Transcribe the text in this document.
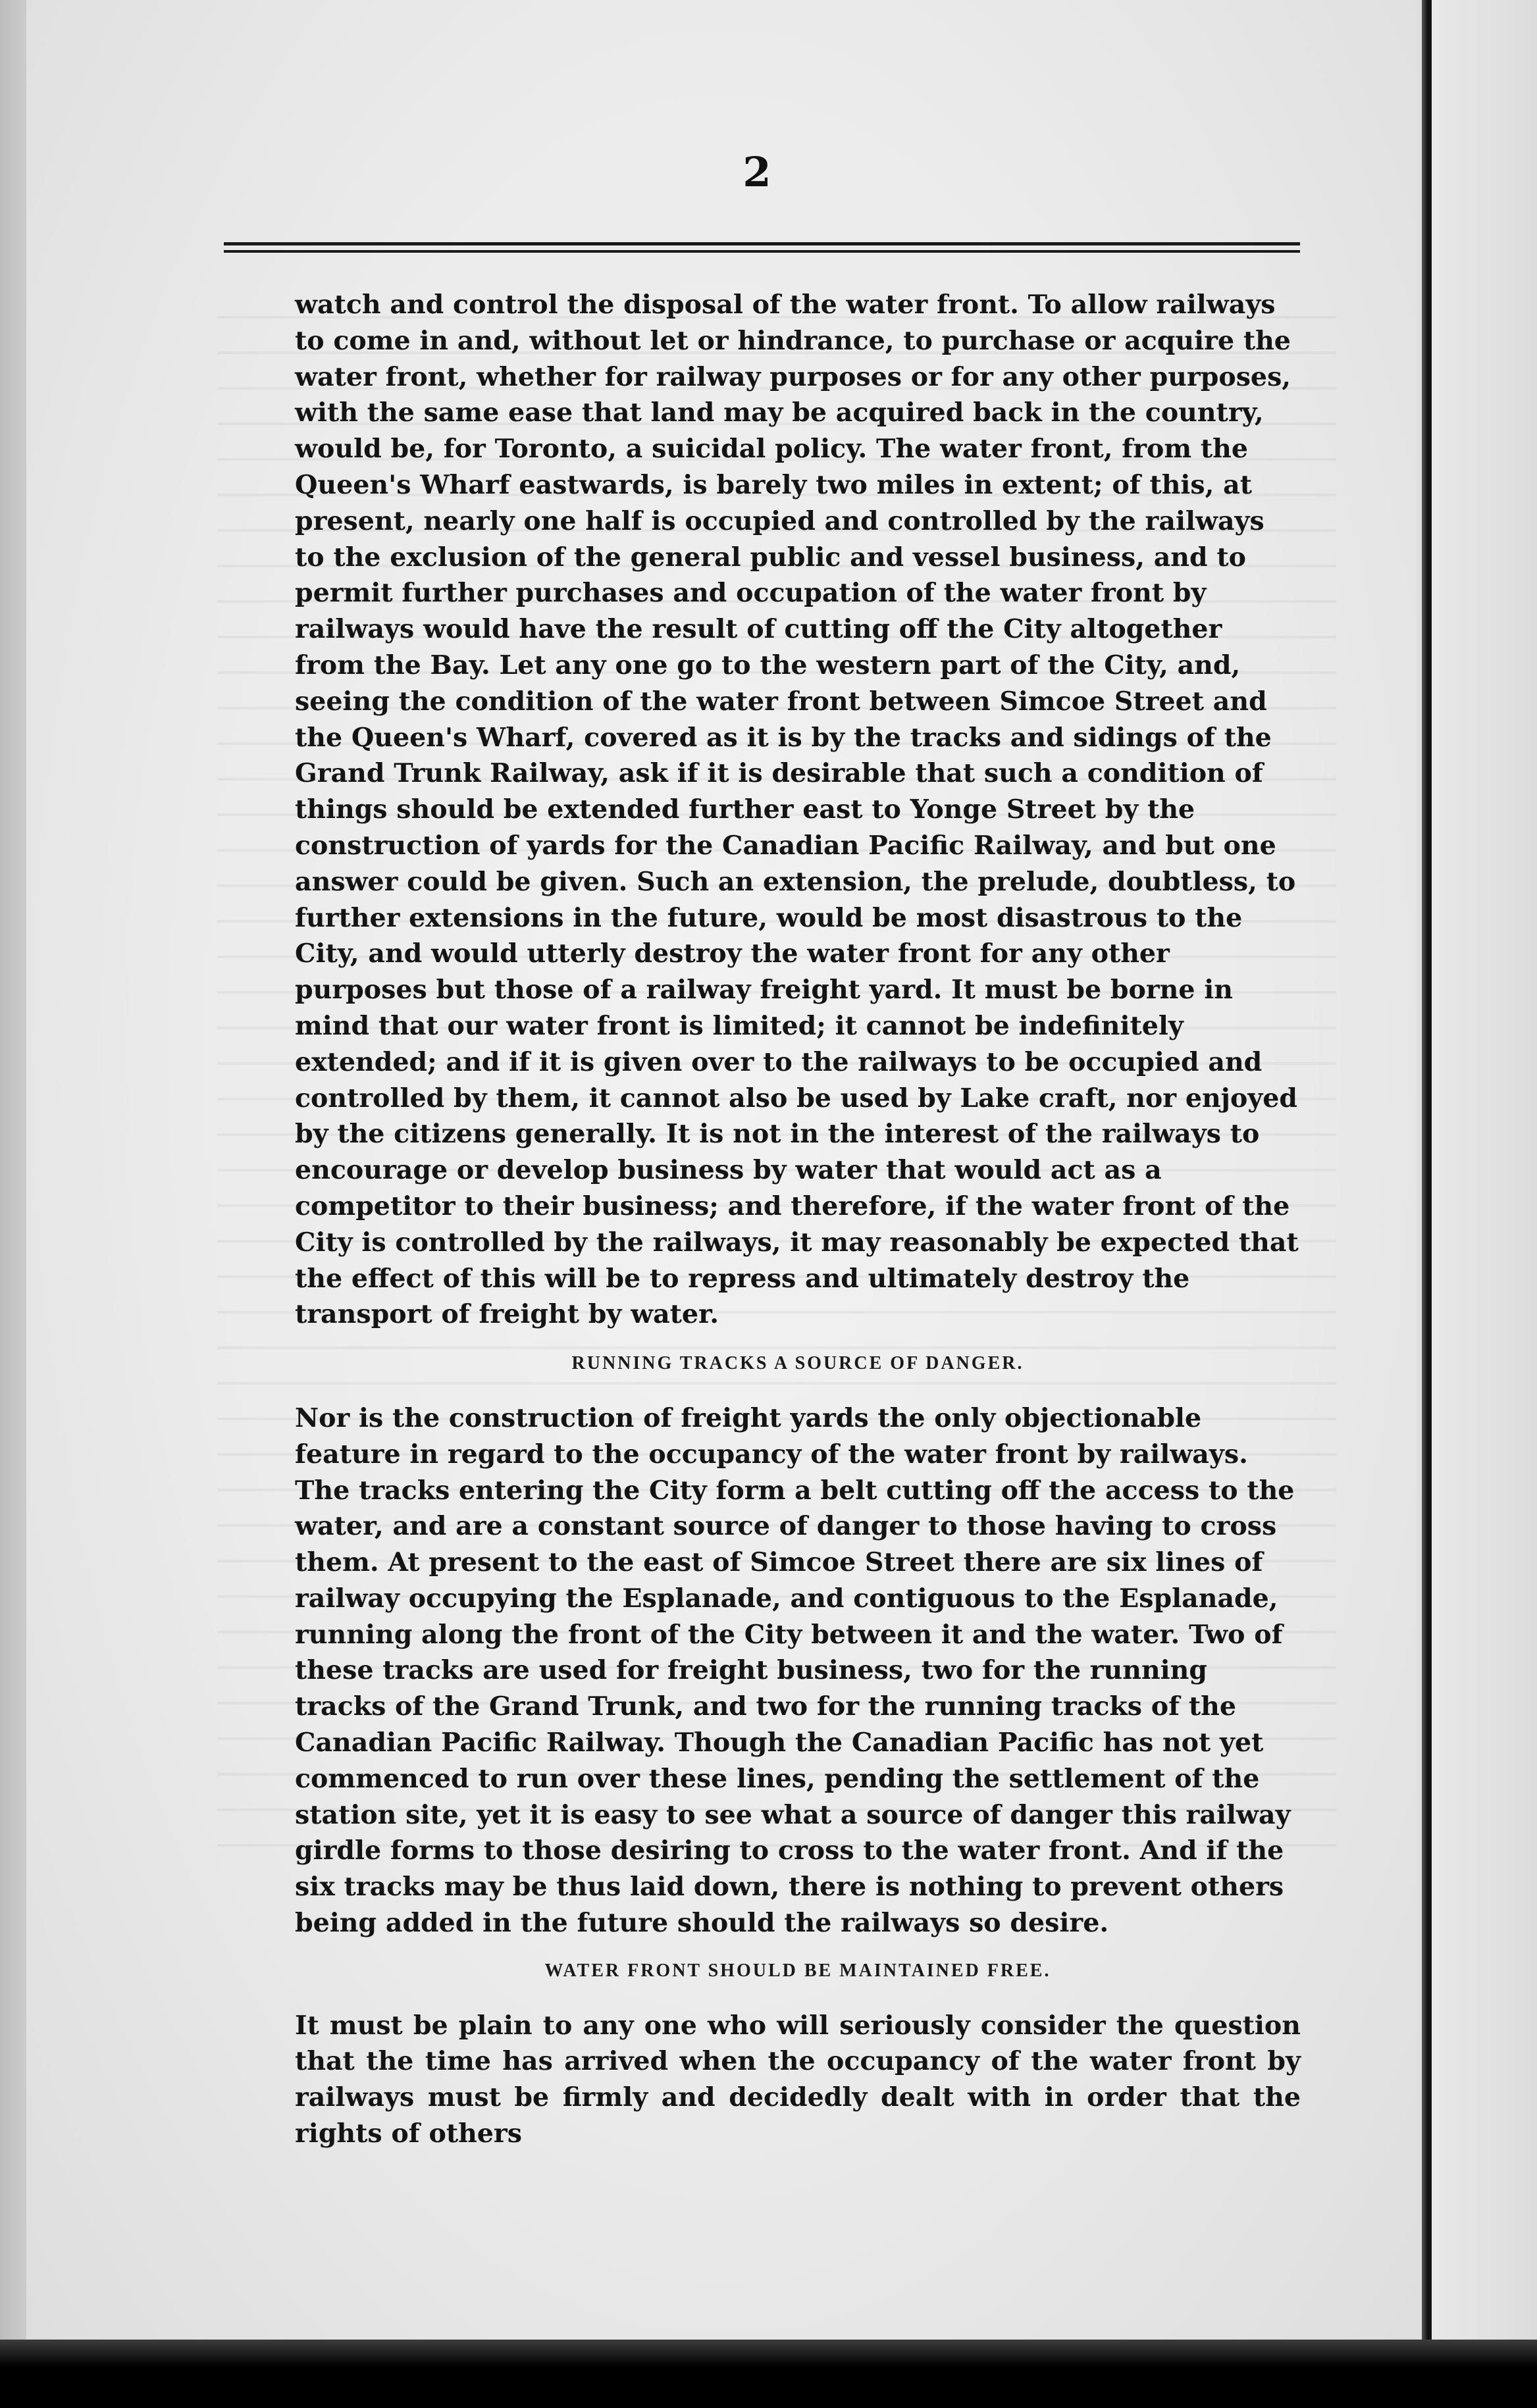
2

watch and control the disposal of the water front. To allow railways to come in and, without let or hindrance, to purchase or acquire the water front, whether for railway purposes or for any other purposes, with the same ease that land may be acquired back in the country, would be, for Toronto, a suicidal policy. The water front, from the Queen's Wharf eastwards, is barely two miles in extent; of this, at present, nearly one half is occupied and controlled by the railways to the exclusion of the general public and vessel business, and to permit further purchases and occupation of the water front by railways would have the result of cutting off the City altogether from the Bay. Let any one go to the western part of the City, and, seeing the condition of the water front between Simcoe Street and the Queen's Wharf, covered as it is by the tracks and sidings of the Grand Trunk Railway, ask if it is desirable that such a condition of things should be extended further east to Yonge Street by the construction of yards for the Canadian Pacific Railway, and but one answer could be given. Such an extension, the prelude, doubtless, to further extensions in the future, would be most disastrous to the City, and would utterly destroy the water front for any other purposes but those of a railway freight yard. It must be borne in mind that our water front is limited; it cannot be indefinitely extended; and if it is given over to the railways to be occupied and controlled by them, it cannot also be used by Lake craft, nor enjoyed by the citizens generally. It is not in the interest of the railways to encourage or develop business by water that would act as a competitor to their business; and therefore, if the water front of the City is controlled by the railways, it may reasonably be expected that the effect of this will be to repress and ultimately destroy the transport of freight by water.

RUNNING TRACKS A SOURCE OF DANGER.

Nor is the construction of freight yards the only objectionable feature in regard to the occupancy of the water front by railways. The tracks entering the City form a belt cutting off the access to the water, and are a constant source of danger to those having to cross them. At present to the east of Simcoe Street there are six lines of railway occupying the Esplanade, and contiguous to the Esplanade, running along the front of the City between it and the water. Two of these tracks are used for freight business, two for the running tracks of the Grand Trunk, and two for the running tracks of the Canadian Pacific Railway. Though the Canadian Pacific has not yet commenced to run over these lines, pending the settlement of the station site, yet it is easy to see what a source of danger this railway girdle forms to those desiring to cross to the water front. And if the six tracks may be thus laid down, there is nothing to prevent others being added in the future should the railways so desire.

WATER FRONT SHOULD BE MAINTAINED FREE.

It must be plain to any one who will seriously consider the question that the time has arrived when the occupancy of the water front by railways must be firmly and decidedly dealt with in order that the rights of others
